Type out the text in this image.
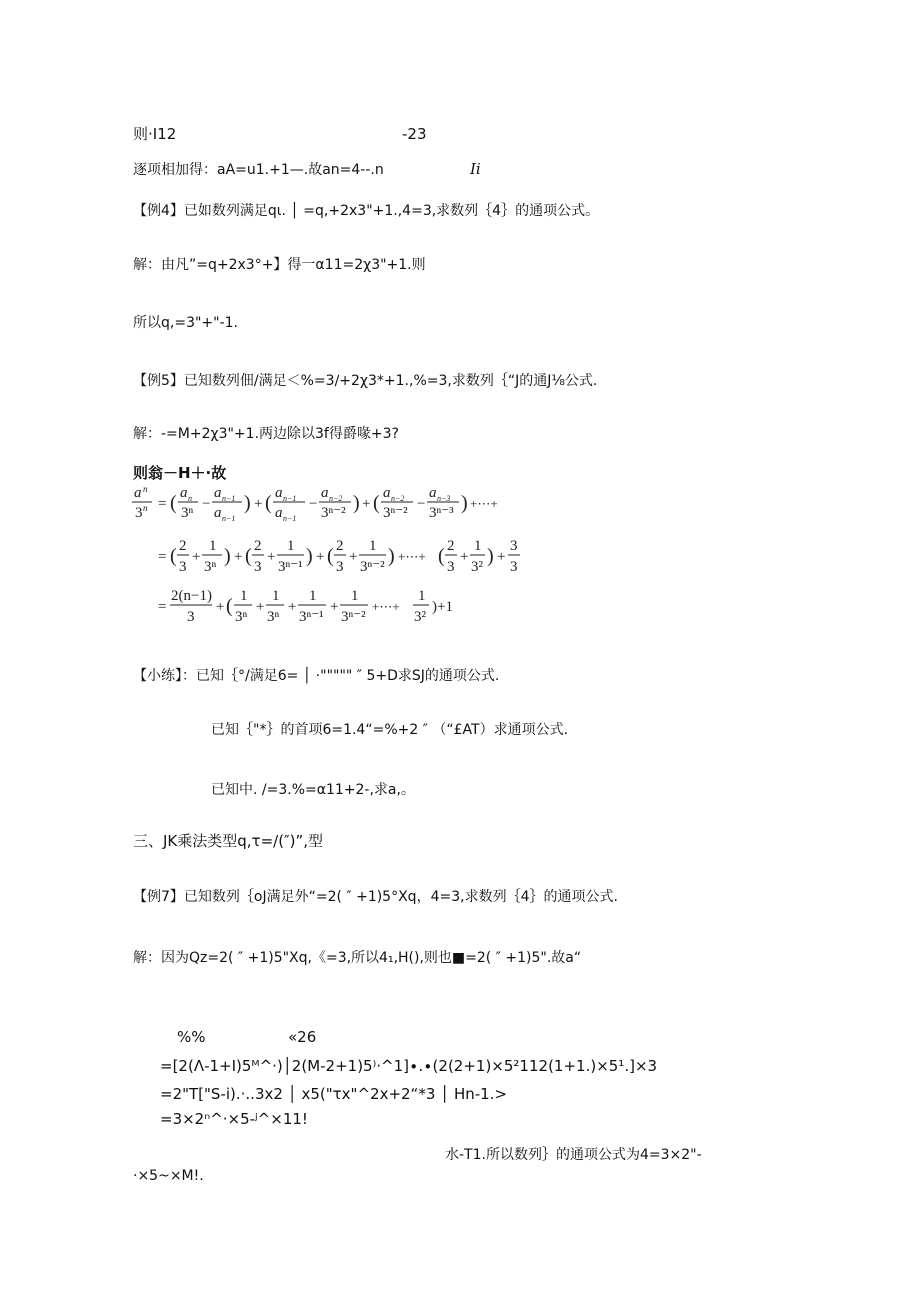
则·I12	-23
逐项相加得：aA=u1.+1—.故an=4--.n	Ii
【例4】已如数列满足qι. │ =q,+2x3"+1.,4=3,求数列｛4｝的通项公式。
解：由凡”=q+2x3°+】得一α11=2χ3"+1.则
所以q,=3"+"-1.
【例5】已知数列佃/满足＜%=3∕+2χ3*+1.,%=3,求数列｛“J的通J⅛公式.
解：-=M+2χ3"+1.两边除以3f得爵喙+3?
则翁－H＋·故
a n
3 n = ( a n
3ⁿ
−
a n−1
a n−1
) + ( a n−1
a n−1
−
a n−2
3ⁿ⁻² ) + ( a n−2
3ⁿ⁻²
−
a n−3
3ⁿ⁻³ ) +⋯+
= ( 2
3
+
1
3ⁿ ) + ( 2
3
+
1
3ⁿ⁻¹ ) + ( 2
3
+
1
3ⁿ⁻² ) +⋯+ ( 2
3
+
1
3² ) +
3
3
=
2(n−1)
3
+ ( 1
3ⁿ
+
1
3ⁿ
+
1
3ⁿ⁻¹
+
1
3ⁿ⁻²
+⋯+
1
3²
)+1
【小练】：已知｛°/满足6= │ ·""""" ″ 5+D求SJ的通项公式.
已知｛"*｝的首项6=1.4“=%+2 ″ （“£AT）求通项公式.
已知中. /=3.%=α11+2-,求a,。
三、JK乘法类型q,τ=/(″)”,型
【例7】已知数列｛oJ满足外“=2( ″ +1)5°Xq，4=3,求数列｛4｝的通项公式.
解：因为Qz=2( ″ +1)5"Xq,《=3,所以4₁,H(),则也■=2( ″ +1)5".故a“
%%	«26
=[2(Λ-1+I)5ᴹ^·)│2(M-2+1)5⁾·^1]∙.∙(2(2+1)×5²112(1+1.)×5¹.]×3
=2"T["S-i).·..3x2 │ x5("τx"^2x+2“*3 │ Hn-1.>
=3×2ⁿ^·×5-ʲ^×11!
水-T1.所以数列｝的通项公式为4=3×2"-
·×5~×M!.
